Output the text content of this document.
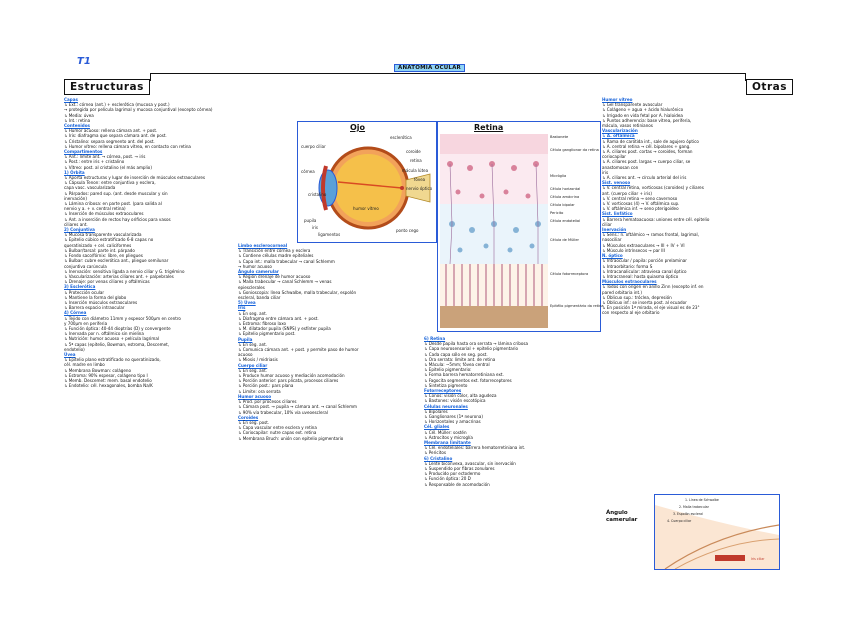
T1
ANATOMIA OCULAR
Estructuras	Otras
Capas
↳ Ext.: córnea (ant.) + esclerótica (mucosa y post.)
→ protegida por película lagrimal y mucosa conjuntival (excepto córnea)
↳ Media: úvea
↳ Int.: retina
Contenidos
↳ Humor acuoso: rellena cámara ant. + post.
↳ Iris: diafragma que separa cámara ant. de post.
↳ Cristalino: separa segmento ant. del post.
↳ Humor vítreo: rellena cámara vítrea, en contacto con retina
Compartimentos
↳ Ant.: límite ant. → córnea, post. → iris
↳ Post.: entre iris + cristalino
↳ Vítreo: post. al cristalino (el más amplio)
1) Órbita
↳ Aporta estructuras y lugar de inserción de músculos extraoculares
↳ Cápsula Tenon: entre conjuntiva y esclera,
capa vasc. vascularizada
↳ Párpados: pared sup. (ant. desde muscular y sin
inervación)
↳ Lámina cribosa: en parte post. (para salida al
nervio y a. + v. central retina)
↳ Inserción de músculos extraoculares
↳ Ant. a inserción de rectos hay orificios para vasos
ciliares ant.
2) Conjuntiva
↳ Mucosa transparente vascularizada
↳ Epitelio cúbico estratificado 6-8 capas no
queratinizado + cel. caliciformes
↳ Bulbar/tarsal: parte int. párpado
↳ Fondo saco/fórnix: libre, en pliegues
↳ Bulbar: cubre esclerótica ant., pliegue semilunar
conjuntiva carúncula
↳ Inervación: sensitiva ligada a nervio ciliar y G. trigémino
↳ Vascularización: arterias ciliares ant. + palpebrales
↳ Drenaje: por venas ciliares y oftálmicas
3) Esclerótica
↳ Protección ocular
↳ Mantiene la forma del globo
↳ Inserción músculos extraoculares
↳ Barrera espacio intraocular
4) Córnea
↳ Tejido con diámetro 11mm y espesor 500μm en centro
y 700μm en periferia
↳ Función óptica: 40-44 dioptrías (D) y convergente
↳ Inervada por n. oftálmico sin mielina
↳ Nutrición: humor acuoso + película lagrimal
↳ 5ª capas (epitelio, Bowman, estroma, Descemet,
endotelio)
Úvea
↳ Epitelio plano estratificado no queratinizado,
cél. madre en limbo
↳ Membrana Bowman: colágeno
↳ Estroma: 90% espesor, colágeno tipo I
↳ Memb. Descemet: mem. basal endotelio
↳ Endotelio: cél. hexagonales, bomba Na/K
Limbo esclerocorneal
↳ Transición entre córnea y esclera
↳ Contiene células madre epiteliales
↳ Capa int.: malla trabecular → canal Schlemm
→ humor acuoso
Ángulo camerular
↳ Región drenaje de humor acuoso
↳ Malla trabecular → canal Schlemm → venas
epiesclerales
↳ Gonioscopia: línea Schwalbe, malla trabecular, espolón
escleral, banda ciliar
5) Úvea
Iris
↳ En seg. ant.
↳ Diafragma entre cámara ant. + post.
↳ Estroma: fibroso laxo
↳ M. dilatador pupila (SNPS) y esfínter pupila
↳ Epitelio pigmentario post.
Pupila
↳ En seg. ant.
↳ Comunica cámara ant. + post. y permite paso de humor
acuoso
↳ Miosis / midriasis
Cuerpo ciliar
↳ En seg. ant.
↳ Produce humor acuoso y mediación acomodación
↳ Porción anterior: pars plicata, procesos ciliares
↳ Porción post.: pars plana
↳ Límite: ora serrata
Humor acuoso
↳ Prod. por procesos ciliares
↳ Cámara post. → pupila → cámara ant. → canal Schlemm
↳ 90% vía trabecular, 10% vía uveoescleral
Coroides
↳ En seg. post.
↳ Capa vascular entre esclera y retina
↳ Coriocapilar: nutre capas ext. retina
↳ Membrana Bruch: unión con epitelio pigmentario
6) Retina
↳ Desde papila hasta ora serrata → lámina cribosa
↳ Capa neurosensorial + epitelio pigmentario
↳ Cada capa sólo en seg. post.
↳ Ora serrata: límite ant. de retina
↳ Mácula: ~5mm; fóvea central
↳ Epitelio pigmentario:
↳ Forma barrera hematorretiniana ext.
↳ Fagocita segmentos ext. fotorreceptores
↳ Sintetiza pigmento
Fotorreceptores
↳ Conos: visión color, alta agudeza
↳ Bastones: visión escotópica
Células neuronales
↳ Bipolares
↳ Ganglionares (1ª neurona)
↳ Horizontales y amacrinas
Cél. gliales
↳ Cél. Müller: sostén
↳ Astrocitos y microglía
Membrana limitante
↳ Cél. endoteliales: barrera hematorretiniana int.
↳ Pericitos
6) Cristalino
↳ Lente biconvexa, avascular, sin inervación
↳ Suspendido por fibras zonulares
↳ Producido por ectodermo
↳ Función óptica: 20 D
↳ Responsable de acomodación
Humor vítreo
↳ Gel transparente avascular
↳ Colágeno + agua + ácido hialurónico
↳ Irrigado en vida fetal por A. hialoidea
↳ Puntos adherencia: base vítrea, periferia,
mácula, vasos retinianos
Vascularización
↳ A. oftálmica
↳ Rama de carótida int., sale de agujero óptico
↳ A. central retina → cél. bipolares + gang.
↳ A. ciliares post. cortas → coroides, forman
coriocapilar
↳ A. ciliares post. largas → cuerpo ciliar, se
anastomosan con
iris
↳ A. ciliares ant. → círculo arterial del iris
Sist. venoso
↳ V. central retina, vorticosas (coroides) y ciliares
ant. (cuerpo ciliar + iris)
↳ V. central retina → seno cavernoso
↳ V. vorticosas (4) → V. oftálmica sup.
↳ V. oftálmica inf. → seno pterigoideo
Sist. linfático
↳ Barrera hematoacuosa: uniones entre cél. epitelio
ciliar
Inervación
↳ Sens.: n. oftálmico → ramos frontal, lagrimal,
nasociliar
↳ Músculos extraoculares → III + IV + VI
↳ Músculo intrínsecos → par III
N. óptico
↳ Intraocular / papila: porción prelaminar
↳ Intraorbitario: forma S
↳ Intracanalicular: atraviesa canal óptico
↳ Intracraneal: hasta quiasma óptico
Músculos extraoculares
↳ Todos con origen en anillo Zinn (excepto inf. en
pared orbitaria int.)
↳ Oblicuo sup.: tróclea, depresión
↳ Oblicuo inf.: se inserta post. al ecuador
↳ En posición 1ª mirada, el eje visual es de 23°
con respecto al eje orbitario
Ojo
cuerpo ciliar
esclerótica
coroide
retina
córnea	mácula lútea
fóvea
nervio óptico
cristalino
humor vítreo
pupila
iris
ligamentos
ponto cego
Retina
Bastonete
Célula ganglionar da retina
Micróglia
Célula horizontal
Célula amácrina
Célula bipolar
Pericito
Célula endotelial
Célula de Müller
Célula fotorreceptora
Epitélio pigmentário da retina
Ángulo camerular
1. Línea de Schwalbe
2. Malla trabecular
3. Espolón escleral
4. Cuerpo ciliar
Iris ciliar
